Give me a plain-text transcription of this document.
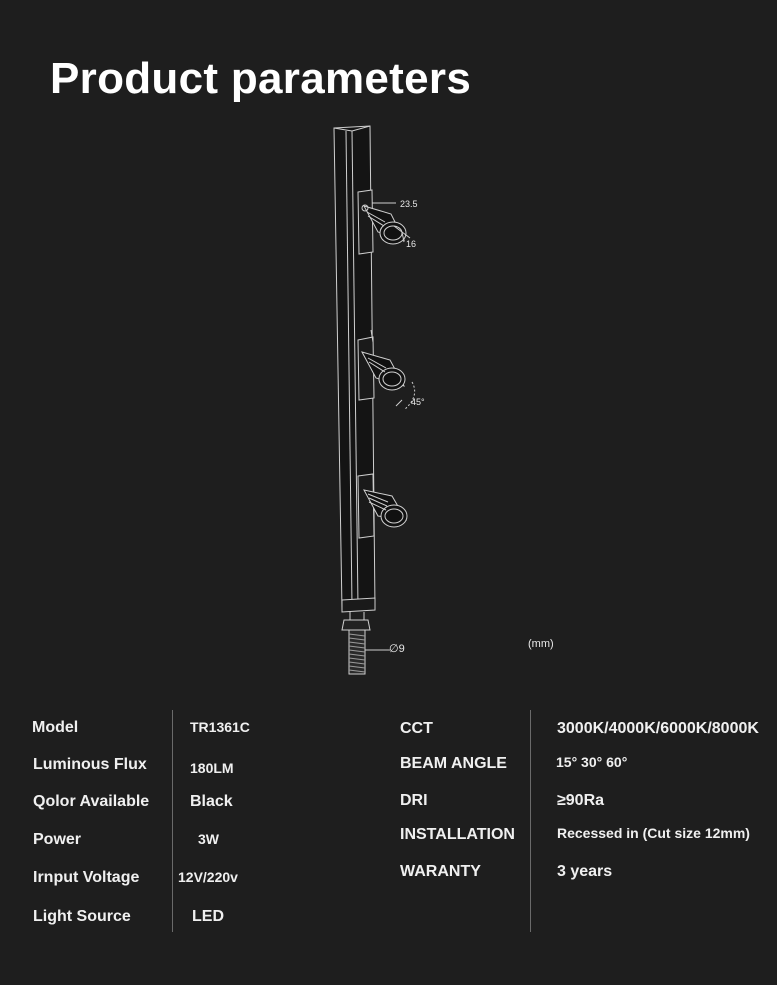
Product parameters
23.5
16
45°
∅9	(mm)
Model	TR1361C
Luminous Flux	180LM
Qolor Available	Black
Power	3W
Irnput Voltage	12V/220v
Light Source	LED
CCT	3000K/4000K/6000K/8000K
BEAM ANGLE	15° 30° 60°
DRI	≥90Ra
INSTALLATION	Recessed in (Cut size 12mm)
WARANTY	3 years
